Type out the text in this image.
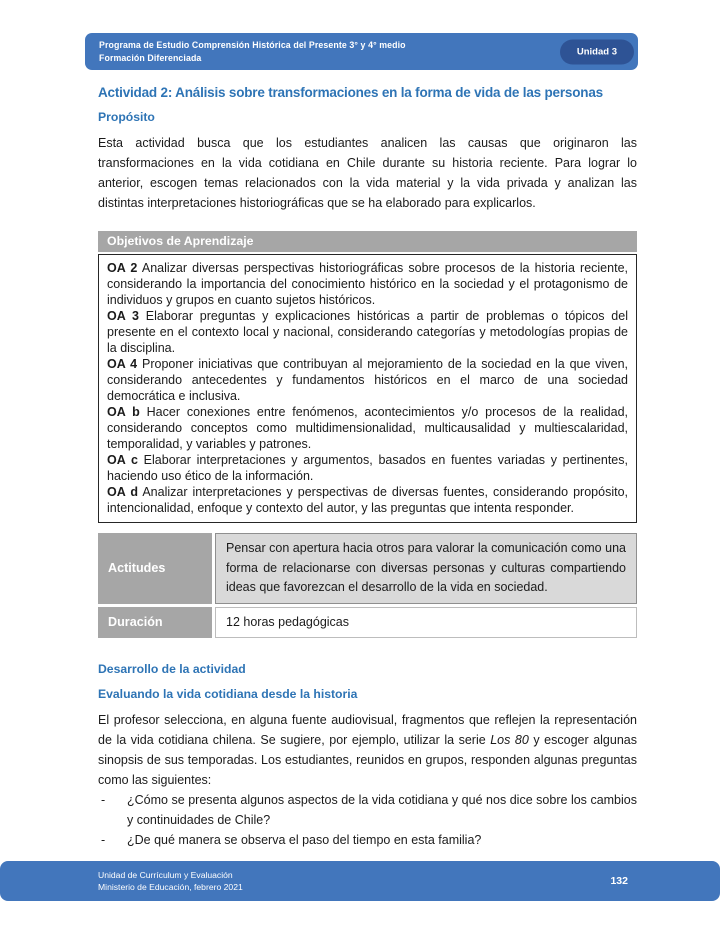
Programa de Estudio Comprensión Histórica del Presente 3° y 4° medio
Formación Diferenciada
Unidad 3
Actividad 2: Análisis sobre transformaciones en la forma de vida de las personas
Propósito

Esta actividad busca que los estudiantes analicen las causas que originaron las transformaciones en la vida cotidiana en Chile durante su historia reciente. Para lograr lo anterior, escogen temas relacionados con la vida material y la vida privada y analizan las distintas interpretaciones historiográficas que se ha elaborado para explicarlos.

Objetivos de Aprendizaje

OA 2 Analizar diversas perspectivas historiográficas sobre procesos de la historia reciente, considerando la importancia del conocimiento histórico en la sociedad y el protagonismo de individuos y grupos en cuanto sujetos históricos.

OA 3 Elaborar preguntas y explicaciones históricas a partir de problemas o tópicos del presente en el contexto local y nacional, considerando categorías y metodologías propias de la disciplina.

OA 4 Proponer iniciativas que contribuyan al mejoramiento de la sociedad en la que viven, considerando antecedentes y fundamentos históricos en el marco de una sociedad democrática e inclusiva.

OA b Hacer conexiones entre fenómenos, acontecimientos y/o procesos de la realidad, considerando conceptos como multidimensionalidad, multicausalidad y multiescalaridad, temporalidad, y variables y patrones.

OA c Elaborar interpretaciones y argumentos, basados en fuentes variadas y pertinentes, haciendo uso ético de la información.

OA d Analizar interpretaciones y perspectivas de diversas fuentes, considerando propósito, intencionalidad, enfoque y contexto del autor, y las preguntas que intenta responder.

Actitudes
Pensar con apertura hacia otros para valorar la comunicación como una forma de relacionarse con diversas personas y culturas compartiendo ideas que favorezcan el desarrollo de la vida en sociedad.
Duración	12 horas pedagógicas
Desarrollo de la actividad
Evaluando la vida cotidiana desde la historia

El profesor selecciona, en alguna fuente audiovisual, fragmentos que reflejen la representación de la vida cotidiana chilena. Se sugiere, por ejemplo, utilizar la serie Los 80 y escoger algunas sinopsis de sus temporadas. Los estudiantes, reunidos en grupos, responden algunas preguntas como las siguientes:

-	¿Cómo se presenta algunos aspectos de la vida cotidiana y qué nos dice sobre los cambios y continuidades de Chile?
-	¿De qué manera se observa el paso del tiempo en esta familia?
Unidad de Currículum y Evaluación
Ministerio de Educación, febrero 2021	132
